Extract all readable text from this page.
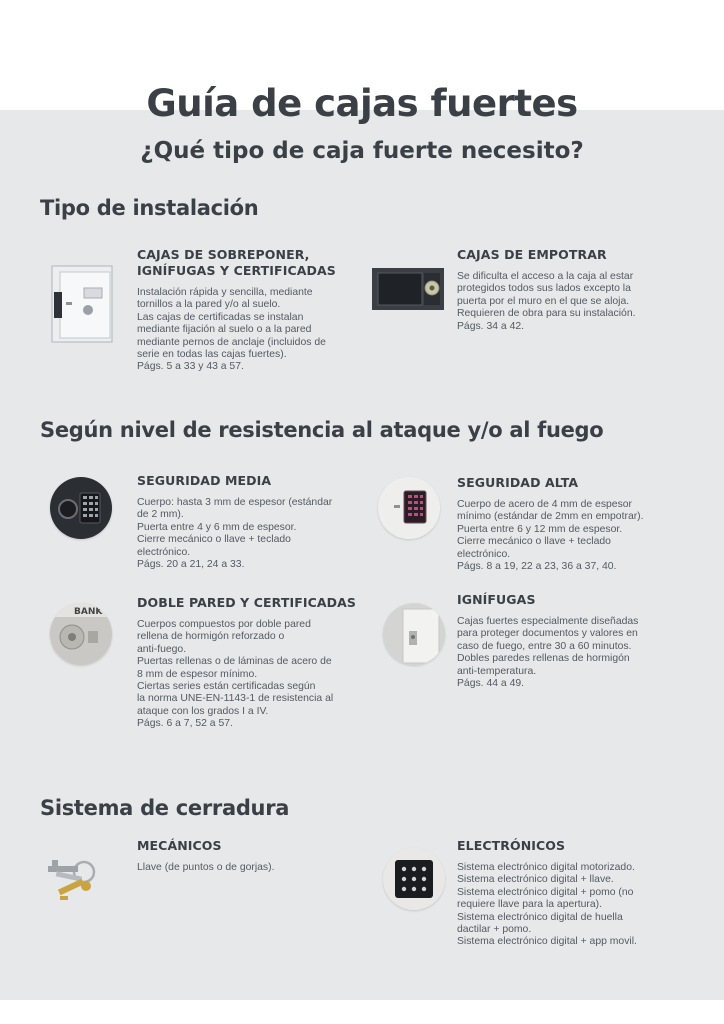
Guía de cajas fuertes
¿Qué tipo de caja fuerte necesito?
Tipo de instalación
CAJAS DE SOBREPONER,
IGNÍFUGAS Y CERTIFICADAS

Instalación rápida y sencilla, mediante
tornillos a la pared y/o al suelo.
Las cajas de certificadas se instalan
mediante fijación al suelo o a la pared
mediante pernos de anclaje (incluidos de
serie en todas las cajas fuertes).
Págs. 5 a 33 y 43 a 57.

CAJAS DE EMPOTRAR

Se dificulta el acceso a la caja al estar
protegidos todos sus lados excepto la
puerta por el muro en el que se aloja.
Requieren de obra para su instalación.
Págs. 34 a 42.

Según nivel de resistencia al ataque y/o al fuego
SEGURIDAD MEDIA

Cuerpo: hasta 3 mm de espesor (estándar
de 2 mm).
Puerta entre 4 y 6 mm de espesor.
Cierre mecánico o llave + teclado
electrónico.
Págs. 20 a 21, 24 a 33.

SEGURIDAD ALTA

Cuerpo de acero de 4 mm de espesor
mínimo (estándar de 2mm en empotrar).
Puerta entre 6 y 12 mm de espesor.
Cierre mecánico o llave + teclado
electrónico.
Págs. 8 a 19, 22 a 23, 36 a 37, 40.

BANK
DOBLE PARED Y CERTIFICADAS

Cuerpos compuestos por doble pared
rellena de hormigón reforzado o
anti-fuego.
Puertas rellenas o de láminas de acero de
8 mm de espesor mínimo.
Ciertas series están certificadas según
la norma UNE-EN-1143-1 de resistencia al
ataque con los grados I a IV.
Págs. 6 a 7, 52 a 57.

IGNÍFUGAS

Cajas fuertes especialmente diseñadas
para proteger documentos y valores en
caso de fuego, entre 30 a 60 minutos.
Dobles paredes rellenas de hormigón
anti-temperatura.
Págs. 44 a 49.

Sistema de cerradura
MECÁNICOS

Llave (de puntos o de gorjas).

ELECTRÓNICOS

Sistema electrónico digital motorizado.
Sistema electrónico digital + llave.
Sistema electrónico digital + pomo (no
requiere llave para la apertura).
Sistema electrónico digital de huella
dactilar + pomo.
Sistema electrónico digital + app movil.
